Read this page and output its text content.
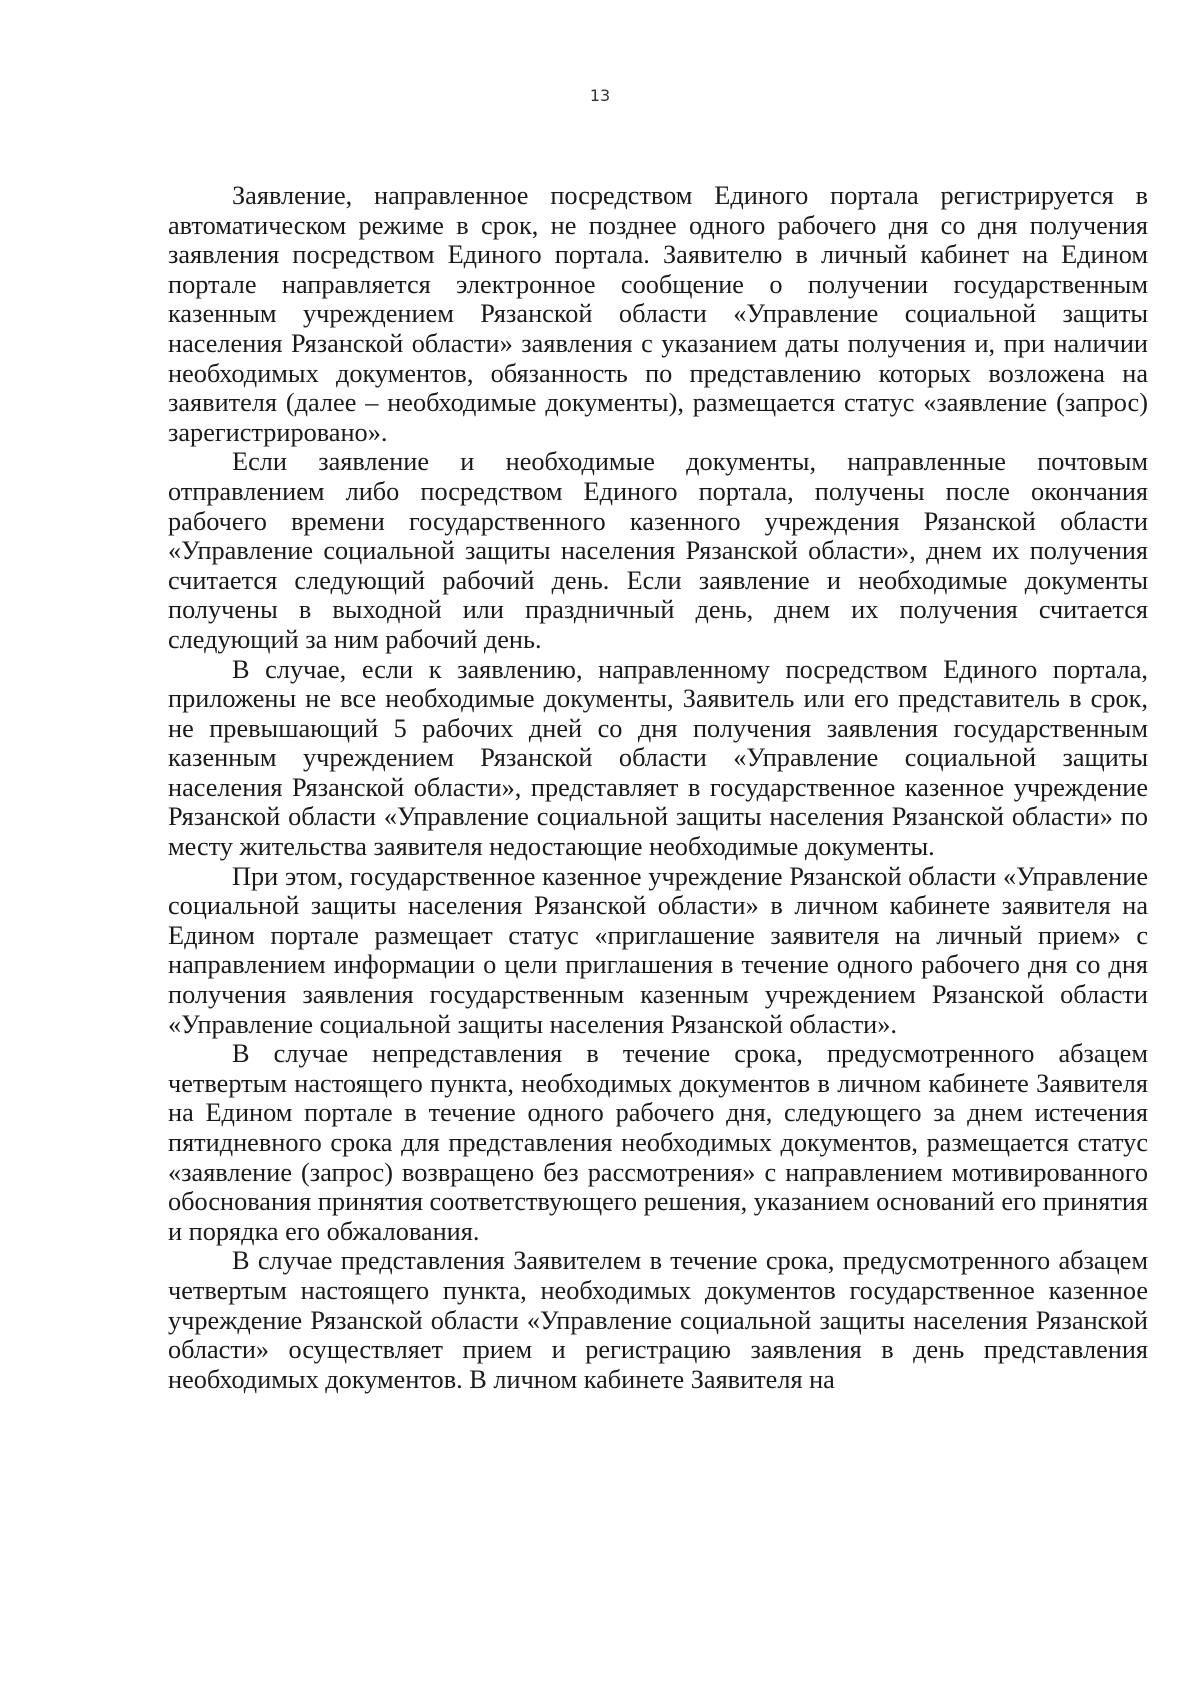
13

Заявление, направленное посредством Единого портала регистрируется в автоматическом режиме в срок, не позднее одного рабочего дня со дня получения заявления посредством Единого портала. Заявителю в личный кабинет на Едином портале направляется электронное сообщение о получении государственным казенным учреждением Рязанской области «Управление социальной защиты населения Рязанской области» заявления с указанием даты получения и, при наличии необходимых документов, обязанность по представлению которых возложена на заявителя (далее – необходимые документы), размещается статус «заявление (запрос) зарегистрировано».

Если заявление и необходимые документы, направленные почтовым отправлением либо посредством Единого портала, получены после окончания рабочего времени государственного казенного учреждения Рязанской области «Управление социальной защиты населения Рязанской области», днем их получения считается следующий рабочий день. Если заявление и необходимые документы получены в выходной или праздничный день, днем их получения считается следующий за ним рабочий день.

В случае, если к заявлению, направленному посредством Единого портала, приложены не все необходимые документы, Заявитель или его представитель в срок, не превышающий 5 рабочих дней со дня получения заявления государственным казенным учреждением Рязанской области «Управление социальной защиты населения Рязанской области», представляет в государственное казенное учреждение Рязанской области «Управление социальной защиты населения Рязанской области» по месту жительства заявителя недостающие необходимые документы.

При этом, государственное казенное учреждение Рязанской области «Управление социальной защиты населения Рязанской области» в личном кабинете заявителя на Едином портале размещает статус «приглашение заявителя на личный прием» с направлением информации о цели приглашения в течение одного рабочего дня со дня получения заявления государственным казенным учреждением Рязанской области «Управление социальной защиты населения Рязанской области».

В случае непредставления в течение срока, предусмотренного абзацем четвертым настоящего пункта, необходимых документов в личном кабинете Заявителя на Едином портале в течение одного рабочего дня, следующего за днем истечения пятидневного срока для представления необходимых документов, размещается статус «заявление (запрос) возвращено без рассмотрения» с направлением мотивированного обоснования принятия соответствующего решения, указанием оснований его принятия и порядка его обжалования.

В случае представления Заявителем в течение срока, предусмотренного абзацем четвертым настоящего пункта, необходимых документов государственное казенное учреждение Рязанской области «Управление социальной защиты населения Рязанской области» осуществляет прием и регистрацию заявления в день представления необходимых документов. В личном кабинете Заявителя на
